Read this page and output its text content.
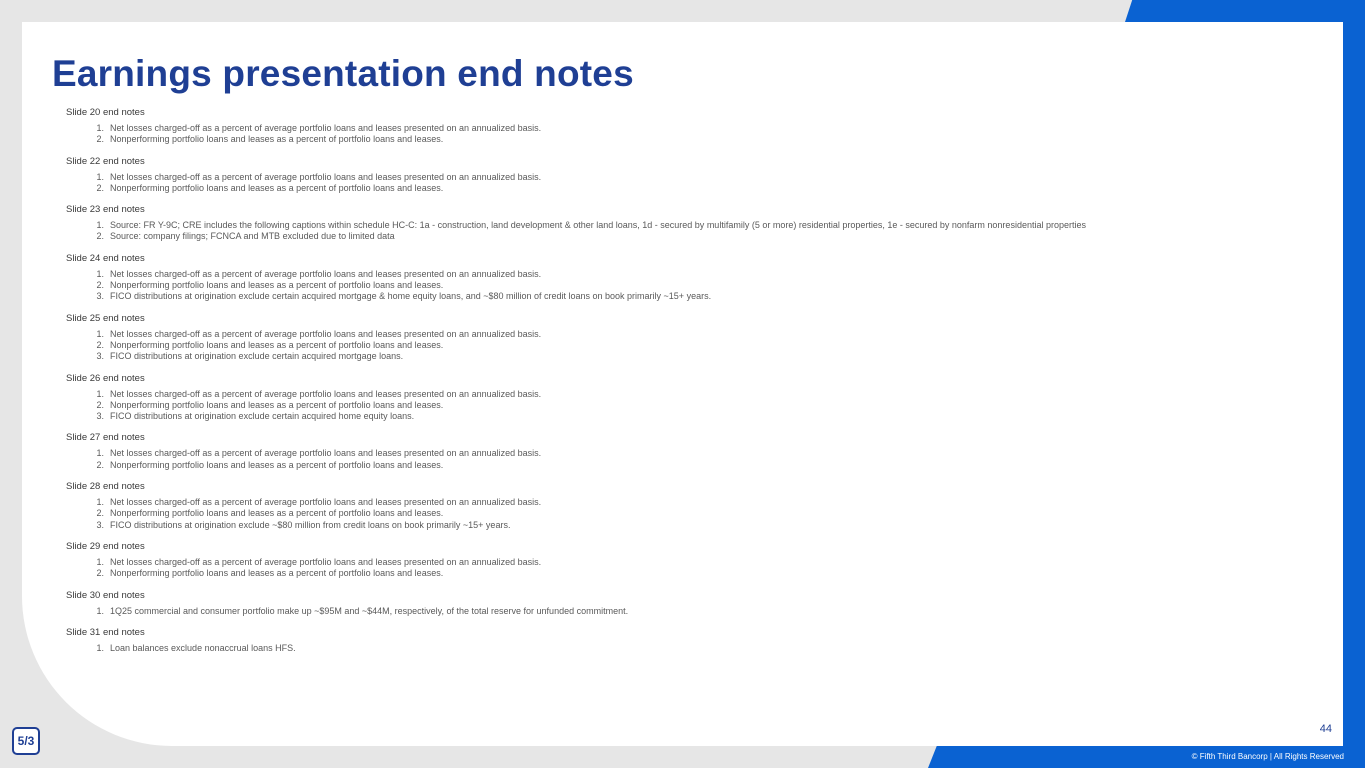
Earnings presentation end notes
Slide 20 end notes
1. Net losses charged-off as a percent of average portfolio loans and leases presented on an annualized basis.
2. Nonperforming portfolio loans and leases as a percent of portfolio loans and leases.
Slide 22 end notes
1. Net losses charged-off as a percent of average portfolio loans and leases presented on an annualized basis.
2. Nonperforming portfolio loans and leases as a percent of portfolio loans and leases.
Slide 23 end notes
1. Source: FR Y-9C; CRE includes the following captions within schedule HC-C: 1a - construction, land development & other land loans, 1d - secured by multifamily (5 or more) residential properties, 1e - secured by nonfarm nonresidential properties
2. Source: company filings; FCNCA and MTB excluded due to limited data
Slide 24 end notes
1. Net losses charged-off as a percent of average portfolio loans and leases presented on an annualized basis.
2. Nonperforming portfolio loans and leases as a percent of portfolio loans and leases.
3. FICO distributions at origination exclude certain acquired mortgage & home equity loans, and ~$80 million of credit loans on book primarily ~15+ years.
Slide 25 end notes
1. Net losses charged-off as a percent of average portfolio loans and leases presented on an annualized basis.
2. Nonperforming portfolio loans and leases as a percent of portfolio loans and leases.
3. FICO distributions at origination exclude certain acquired mortgage loans.
Slide 26 end notes
1. Net losses charged-off as a percent of average portfolio loans and leases presented on an annualized basis.
2. Nonperforming portfolio loans and leases as a percent of portfolio loans and leases.
3. FICO distributions at origination exclude certain acquired home equity loans.
Slide 27 end notes
1. Net losses charged-off as a percent of average portfolio loans and leases presented on an annualized basis.
2. Nonperforming portfolio loans and leases as a percent of portfolio loans and leases.
Slide 28 end notes
1. Net losses charged-off as a percent of average portfolio loans and leases presented on an annualized basis.
2. Nonperforming portfolio loans and leases as a percent of portfolio loans and leases.
3. FICO distributions at origination exclude ~$80 million from credit loans on book primarily ~15+ years.
Slide 29 end notes
1. Net losses charged-off as a percent of average portfolio loans and leases presented on an annualized basis.
2. Nonperforming portfolio loans and leases as a percent of portfolio loans and leases.
Slide 30 end notes
1. 1Q25 commercial and consumer portfolio make up ~$95M and ~$44M, respectively, of the total reserve for unfunded commitment.
Slide 31 end notes
1. Loan balances exclude nonaccrual loans HFS.
44
5/3
© Fifth Third Bancorp | All Rights Reserved
